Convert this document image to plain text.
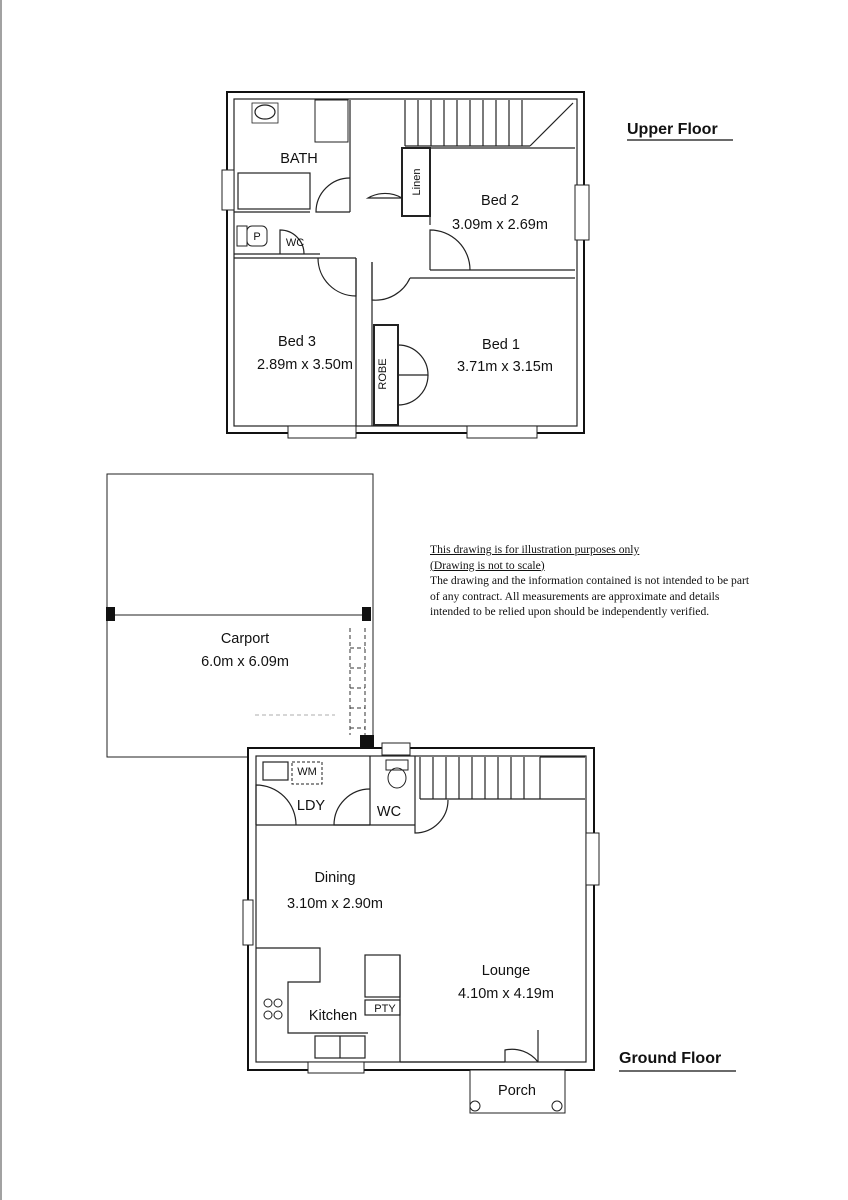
BATH
WC
P
Linen
Bed 2
3.09m x 2.69m
Bed 3
2.89m x 3.50m
Bed 1
3.71m x 3.15m
ROBE
Upper Floor
Carport
6.0m x 6.09m
WM
LDY	WC
Dining
3.10m x 2.90m
Lounge
4.10m x 4.19m
Kitchen PTY
Porch
Ground Floor
This drawing is for illustration purposes only
(Drawing is not to scale)
The drawing and the information contained is not intended to be part of any contract. All measurements are approximate and details intended to be relied upon should be independently verified.
